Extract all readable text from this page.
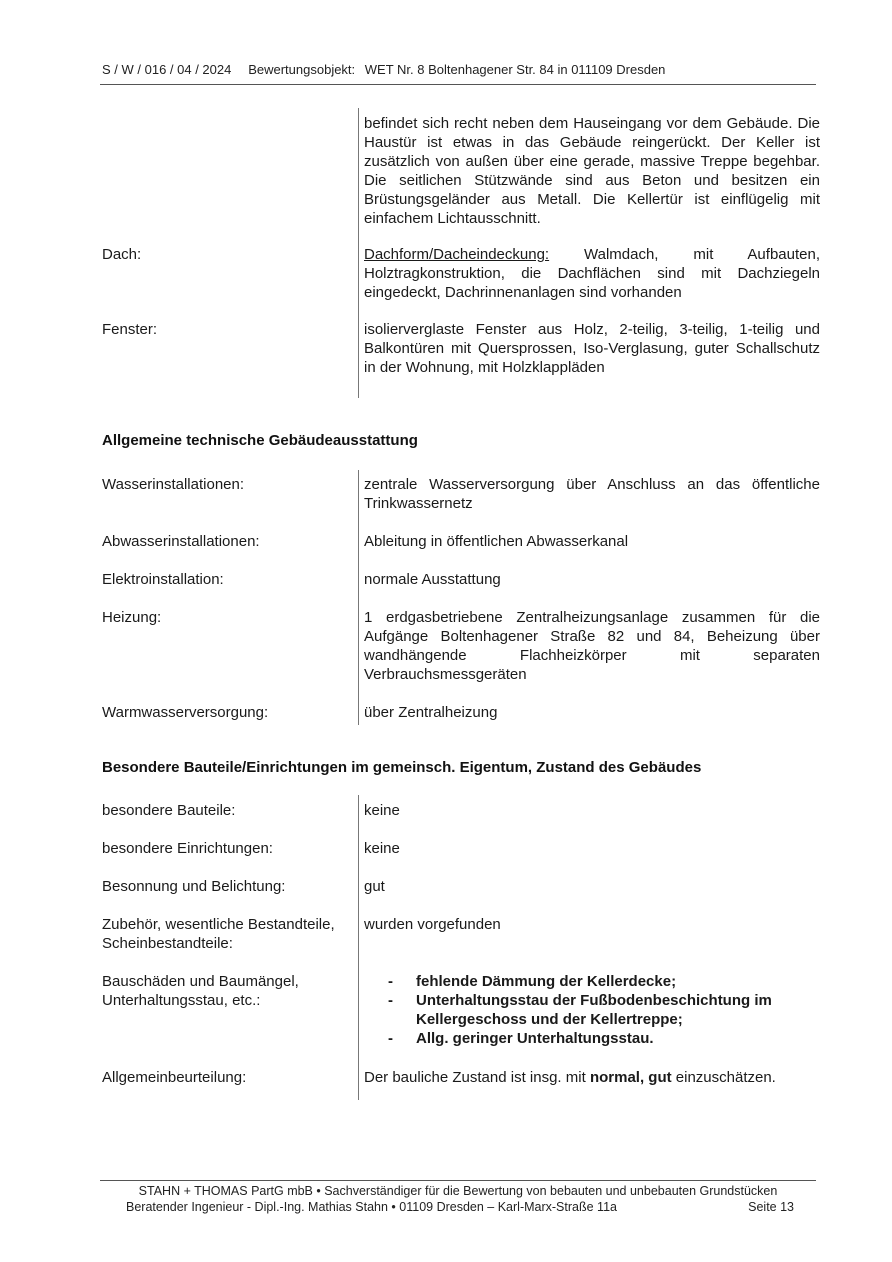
S / W / 016 / 04 / 2024 Bewertungsobjekt: WET Nr. 8 Boltenhagener Str. 84 in 011109 Dresden
befindet sich recht neben dem Hauseingang vor dem Gebäude. Die Haustür ist etwas in das Gebäude reingerückt. Der Keller ist zusätzlich von außen über eine gerade, massive Treppe begehbar. Die seitlichen Stützwände sind aus Beton und besitzen ein Brüstungsgeländer aus Metall. Die Kellertür ist einflügelig mit einfachem Lichtausschnitt.
Dach:	Dachform/Dacheindeckung: Walmdach, mit Aufbauten, Holztragkonstruktion, die Dachflächen sind mit Dachziegeln eingedeckt, Dachrinnenanlagen sind vorhanden
Fenster:	isolierverglaste Fenster aus Holz, 2-teilig, 3-teilig, 1-teilig und Balkontüren mit Quersprossen, Iso-Verglasung, guter Schallschutz in der Wohnung, mit Holzklappläden
Allgemeine technische Gebäudeausstattung
Wasserinstallationen:	zentrale Wasserversorgung über Anschluss an das öffentliche Trinkwassernetz
Abwasserinstallationen:	Ableitung in öffentlichen Abwasserkanal
Elektroinstallation:	normale Ausstattung
Heizung:	1 erdgasbetriebene Zentralheizungsanlage zusammen für die Aufgänge Boltenhagener Straße 82 und 84, Beheizung über wandhängende Flachheizkörper mit separaten Verbrauchsmessgeräten
Warmwasserversorgung:	über Zentralheizung
Besondere Bauteile/Einrichtungen im gemeinsch. Eigentum, Zustand des Gebäudes
besondere Bauteile:	keine
besondere Einrichtungen:	keine
Besonnung und Belichtung:	gut
Zubehör, wesentliche Bestandteile, Scheinbestandteile:
wurden vorgefunden
Bauschäden und Baumängel, Unterhaltungsstau, etc.:
- fehlende Dämmung der Kellerdecke;
- Unterhaltungsstau der Fußbodenbeschichtung im Kellergeschoss und der Kellertreppe;
- Allg. geringer Unterhaltungsstau.
Allgemeinbeurteilung:	Der bauliche Zustand ist insg. mit normal, gut einzuschätzen.
STAHN + THOMAS PartG mbB • Sachverständiger für die Bewertung von bebauten und unbebauten Grundstücken
Beratender Ingenieur - Dipl.-Ing. Mathias Stahn • 01109 Dresden – Karl-Marx-Straße 11a	Seite 13
